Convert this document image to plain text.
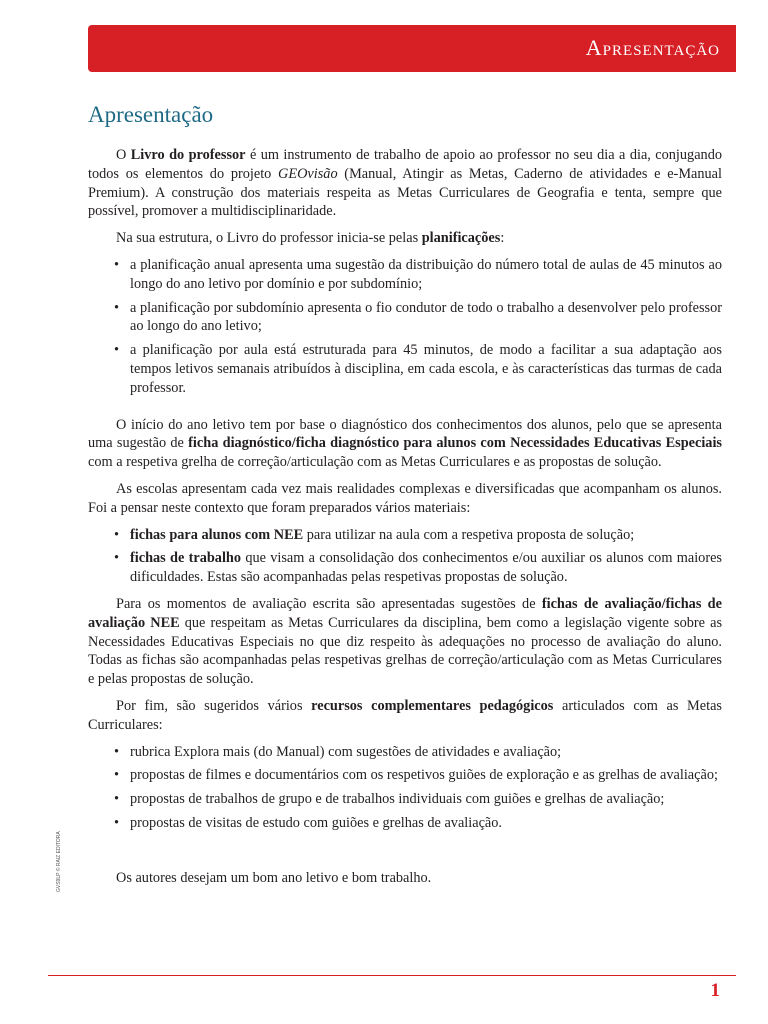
Apresentação
Apresentação

O Livro do professor é um instrumento de trabalho de apoio ao professor no seu dia a dia, conjugando todos os elementos do projeto GEOvisão (Manual, Atingir as Metas, Caderno de atividades e e-Manual Premium). A construção dos materiais respeita as Metas Curriculares de Geografia e tenta, sempre que possível, promover a multidisciplinaridade.

Na sua estrutura, o Livro do professor inicia-se pelas planificações:

• a planificação anual apresenta uma sugestão da distribuição do número total de aulas de 45 minutos ao longo do ano letivo por domínio e por subdomínio;
• a planificação por subdomínio apresenta o fio condutor de todo o trabalho a desenvolver pelo professor ao longo do ano letivo;
• a planificação por aula está estruturada para 45 minutos, de modo a facilitar a sua adaptação aos tempos letivos semanais atribuídos à disciplina, em cada escola, e às características das turmas de cada professor.

O início do ano letivo tem por base o diagnóstico dos conhecimentos dos alunos, pelo que se apresenta uma sugestão de ficha diagnóstico/ficha diagnóstico para alunos com Necessidades Educativas Especiais com a respetiva grelha de correção/articulação com as Metas Curriculares e as propostas de solução.

As escolas apresentam cada vez mais realidades complexas e diversificadas que acompanham os alunos. Foi a pensar neste contexto que foram preparados vários materiais:

• fichas para alunos com NEE para utilizar na aula com a respetiva proposta de solução;
• fichas de trabalho que visam a consolidação dos conhecimentos e/ou auxiliar os alunos com maiores dificuldades. Estas são acompanhadas pelas respetivas propostas de solução.

Para os momentos de avaliação escrita são apresentadas sugestões de fichas de avaliação/fichas de avaliação NEE que respeitam as Metas Curriculares da disciplina, bem como a legislação vigente sobre as Necessidades Educativas Especiais no que diz respeito às adequações no processo de avaliação do aluno. Todas as fichas são acompanhadas pelas respetivas grelhas de correção/articulação com as Metas Curriculares e pelas propostas de solução.

Por fim, são sugeridos vários recursos complementares pedagógicos articulados com as Metas Curriculares:

• rubrica Explora mais (do Manual) com sugestões de atividades e avaliação;
• propostas de filmes e documentários com os respetivos guiões de exploração e as grelhas de avaliação;
• propostas de trabalhos de grupo e de trabalhos individuais com guiões e grelhas de avaliação;
• propostas de visitas de estudo com guiões e grelhas de avaliação.

Os autores desejam um bom ano letivo e bom trabalho.

GVS9LP © RAIZ EDITORA
1
